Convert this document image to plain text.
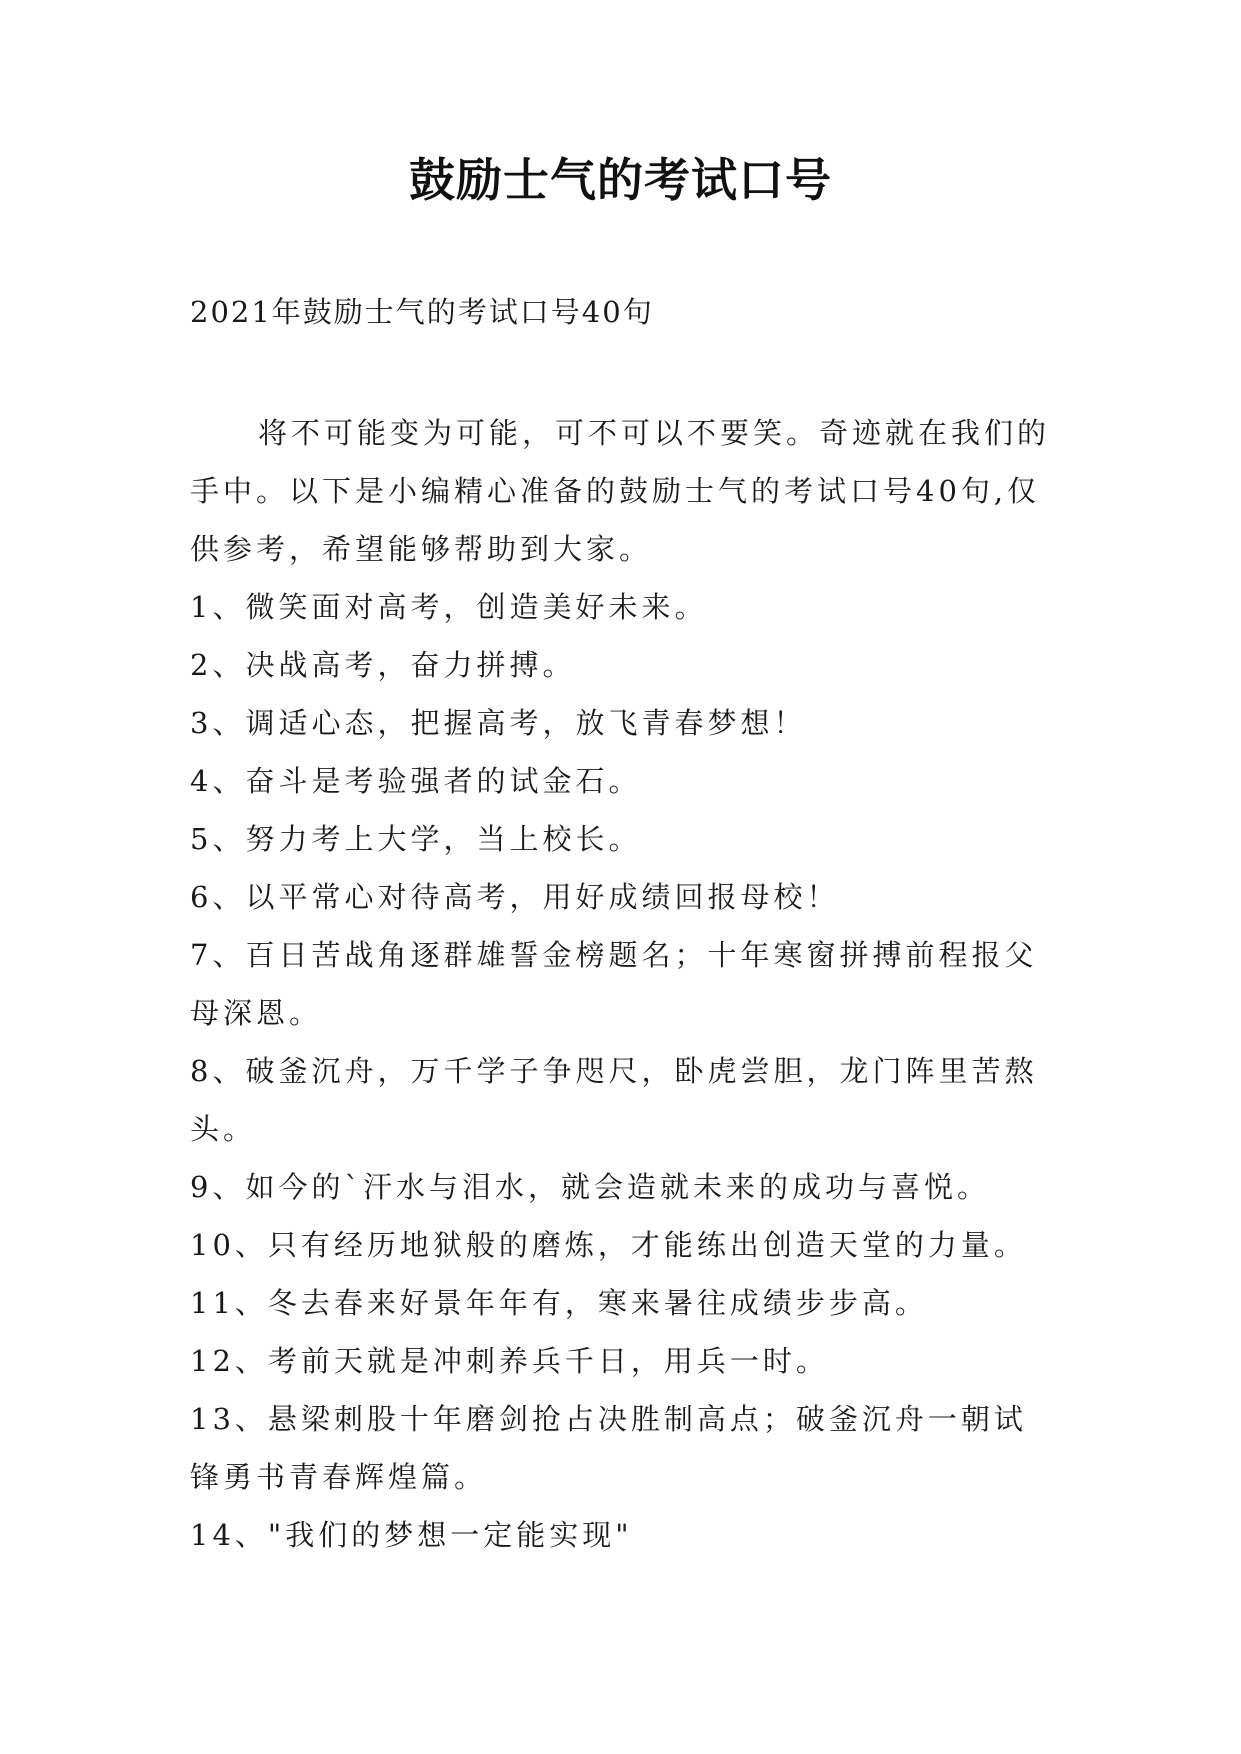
鼓励士气的考试口号
2021年鼓励士气的考试口号40句

将不可能变为可能，可不可以不要笑。奇迹就在我们的手中。以下是小编精心准备的鼓励士气的考试口号40句,仅供参考，希望能够帮助到大家。

1、微笑面对高考，创造美好未来。

2、决战高考，奋力拼搏。

3、调适心态，把握高考，放飞青春梦想！

4、奋斗是考验强者的试金石。

5、努力考上大学，当上校长。

6、以平常心对待高考，用好成绩回报母校！

7、百日苦战角逐群雄誓金榜题名；十年寒窗拼搏前程报父母深恩。

8、破釜沉舟，万千学子争咫尺，卧虎尝胆，龙门阵里苦熬头。

9、如今的`汗水与泪水，就会造就未来的成功与喜悦。

10、只有经历地狱般的磨炼，才能练出创造天堂的力量。

11、冬去春来好景年年有，寒来暑往成绩步步高。

12、考前天就是冲刺养兵千日，用兵一时。

13、悬梁刺股十年磨剑抢占决胜制高点；破釜沉舟一朝试锋勇书青春辉煌篇。

14、"我们的梦想一定能实现"
